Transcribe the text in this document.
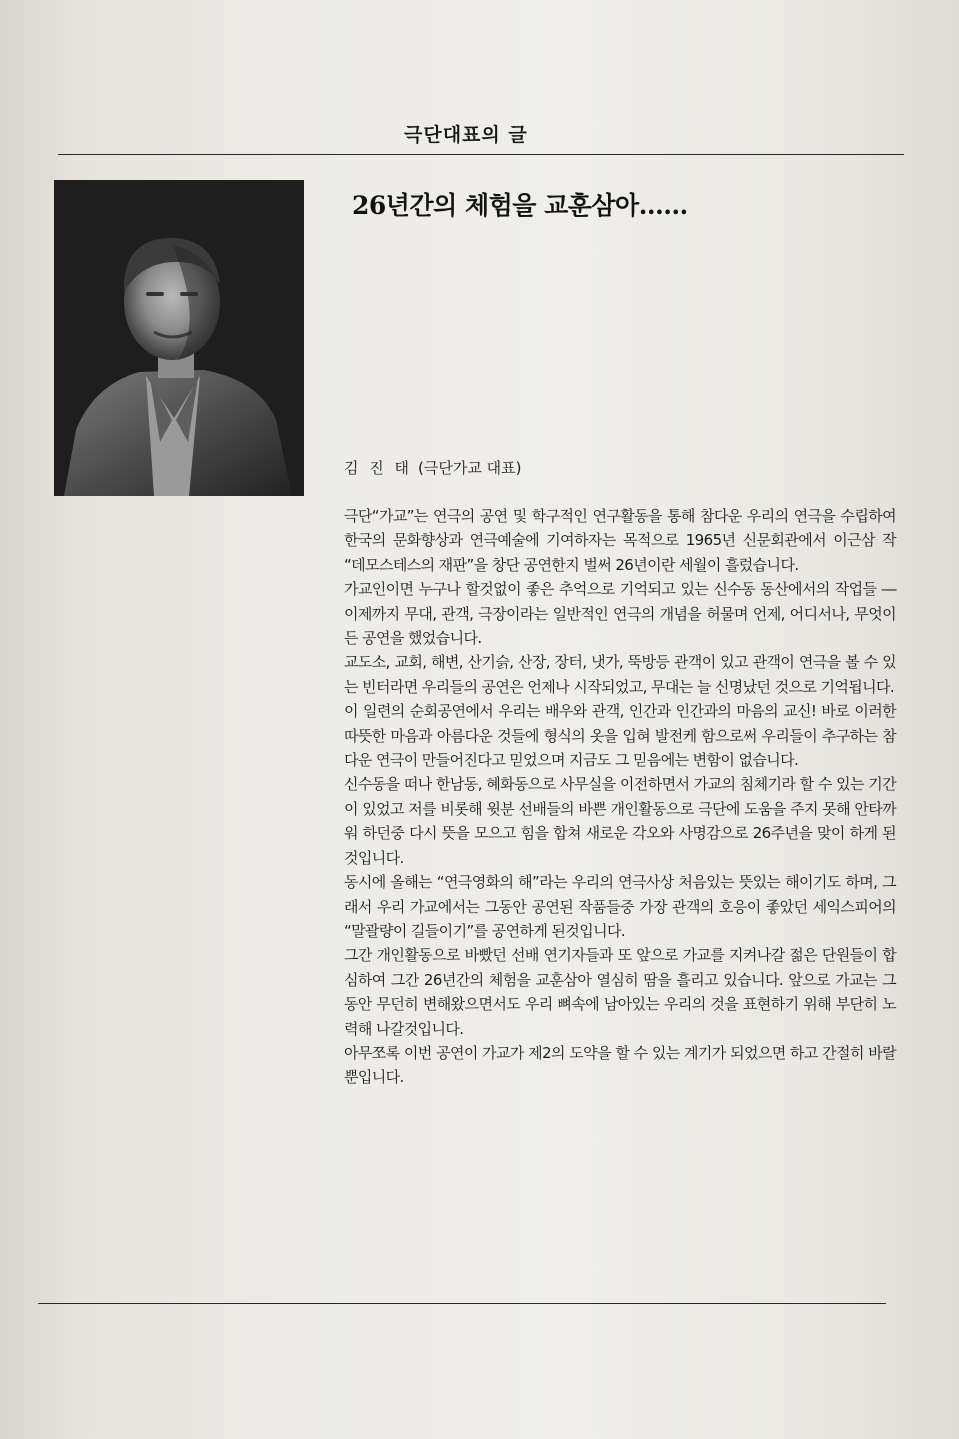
극단대표의 글
26년간의 체험을 교훈삼아……
김 진 태 (극단가교 대표)

극단“가교”는 연극의 공연 및 학구적인 연구활동을 통해 참다운 우리의 연극을 수립하여 한국의 문화향상과 연극예술에 기여하자는 목적으로 1965년 신문회관에서 이근삼 작 “데모스테스의 재판”을 창단 공연한지 벌써 26년이란 세월이 흘렀습니다.

가교인이면 누구나 할것없이 좋은 추억으로 기억되고 있는 신수동 동산에서의 작업들 ― 이제까지 무대, 관객, 극장이라는 일반적인 연극의 개념을 허물며 언제, 어디서나, 무엇이든 공연을 했었습니다.

교도소, 교회, 해변, 산기슭, 산장, 장터, 냇가, 뚝방등 관객이 있고 관객이 연극을 볼 수 있는 빈터라면 우리들의 공연은 언제나 시작되었고, 무대는 늘 신명났던 것으로 기억됩니다.

이 일련의 순회공연에서 우리는 배우와 관객, 인간과 인간과의 마음의 교신! 바로 이러한 따뜻한 마음과 아름다운 것들에 형식의 옷을 입혀 발전케 함으로써 우리들이 추구하는 참다운 연극이 만들어진다고 믿었으며 지금도 그 믿음에는 변함이 없습니다.

신수동을 떠나 한남동, 혜화동으로 사무실을 이전하면서 가교의 침체기라 할 수 있는 기간이 있었고 저를 비롯해 윗분 선배들의 바쁜 개인활동으로 극단에 도움을 주지 못해 안타까워 하던중 다시 뜻을 모으고 힘을 합쳐 새로운 각오와 사명감으로 26주년을 맞이 하게 된것입니다.

동시에 올해는 “연극영화의 해”라는 우리의 연극사상 처음있는 뜻있는 해이기도 하며, 그래서 우리 가교에서는 그동안 공연된 작품들중 가장 관객의 호응이 좋았던 세익스피어의 “말괄량이 길들이기”를 공연하게 된것입니다.

그간 개인활동으로 바빴던 선배 연기자들과 또 앞으로 가교를 지켜나갈 젊은 단원들이 합심하여 그간 26년간의 체험을 교훈삼아 열심히 땀을 흘리고 있습니다. 앞으로 가교는 그동안 무던히 변해왔으면서도 우리 뼈속에 남아있는 우리의 것을 표현하기 위해 부단히 노력해 나갈것입니다.

아무쪼록 이번 공연이 가교가 제2의 도약을 할 수 있는 계기가 되었으면 하고 간절히 바랄뿐입니다.
